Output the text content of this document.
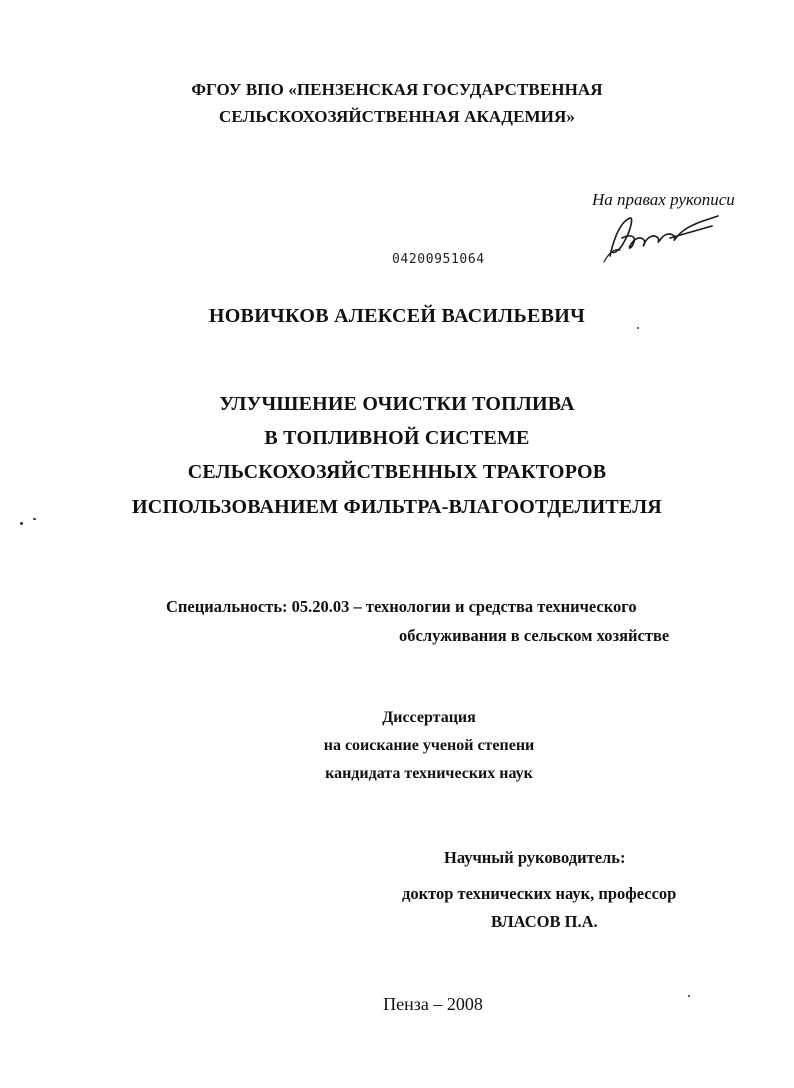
ФГОУ ВПО «ПЕНЗЕНСКАЯ ГОСУДАРСТВЕННАЯ

СЕЛЬСКОХОЗЯЙСТВЕННАЯ АКАДЕМИЯ»

На правах рукописи

04200951064

НОВИЧКОВ АЛЕКСЕЙ ВАСИЛЬЕВИЧ

УЛУЧШЕНИЕ ОЧИСТКИ ТОПЛИВА

В ТОПЛИВНОЙ СИСТЕМЕ

СЕЛЬСКОХОЗЯЙСТВЕННЫХ ТРАКТОРОВ

ИСПОЛЬЗОВАНИЕМ ФИЛЬТРА-ВЛАГООТДЕЛИТЕЛЯ

Специальность: 05.20.03 – технологии и средства технического

обслуживания в сельском хозяйстве

Диссертация

на соискание ученой степени

кандидата технических наук

Научный руководитель:

доктор технических наук, профессор

ВЛАСОВ П.А.

Пенза – 2008
